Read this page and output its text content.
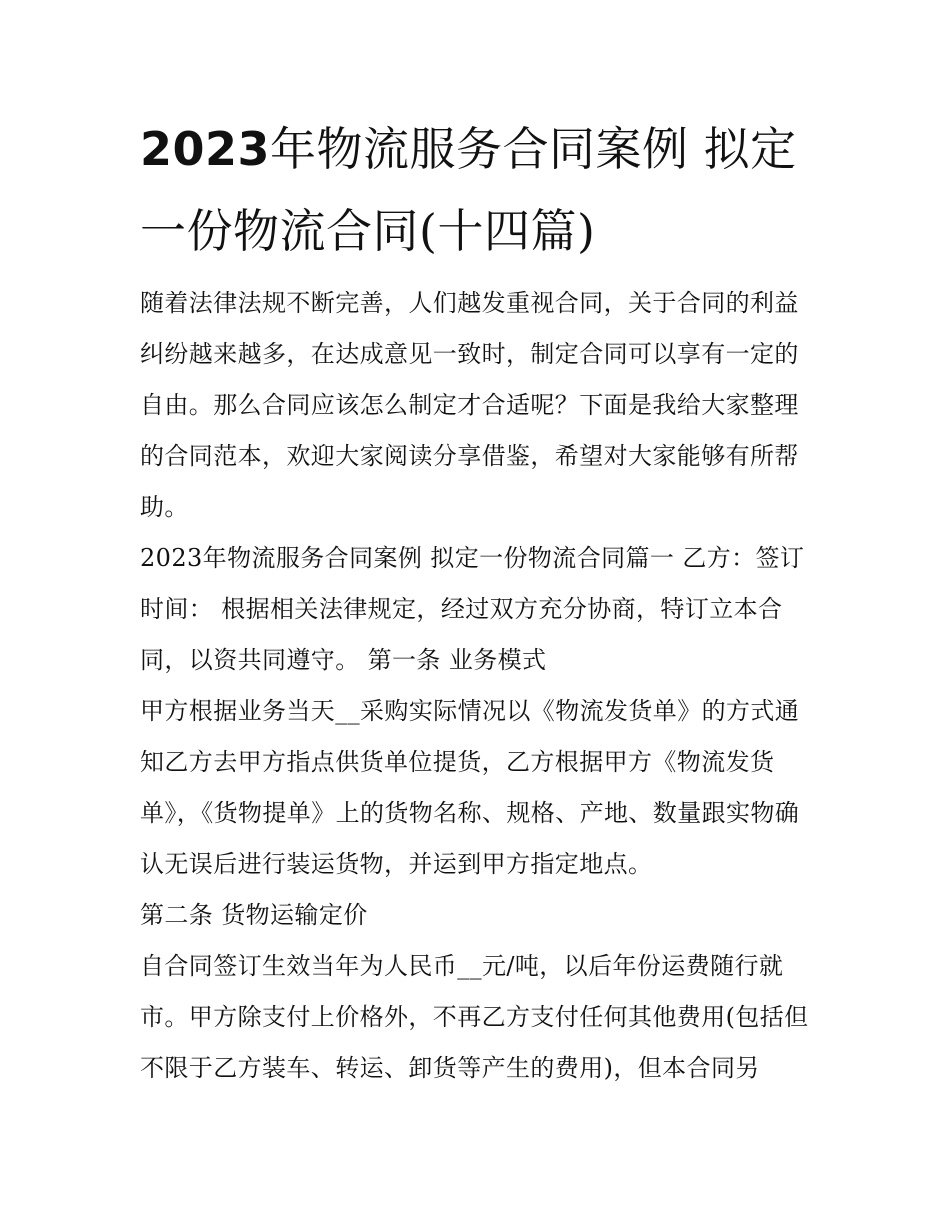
2023年物流服务合同案例 拟定一份物流合同(十四篇)

随着法律法规不断完善，人们越发重视合同，关于合同的利益纠纷越来越多，在达成意见一致时，制定合同可以享有一定的自由。那么合同应该怎么制定才合适呢？下面是我给大家整理的合同范本，欢迎大家阅读分享借鉴，希望对大家能够有所帮助。

2023年物流服务合同案例 拟定一份物流合同篇一 乙方：签订时间： 根据相关法律规定，经过双方充分协商，特订立本合同，以资共同遵守。 第一条 业务模式

甲方根据业务当天__采购实际情况以《物流发货单》的方式通知乙方去甲方指点供货单位提货，乙方根据甲方《物流发货单》，《货物提单》上的货物名称、规格、产地、数量跟实物确认无误后进行装运货物，并运到甲方指定地点。

第二条 货物运输定价

自合同签订生效当年为人民币__元/吨，以后年份运费随行就市。甲方除支付上价格外，不再乙方支付任何其他费用(包括但不限于乙方装车、转运、卸货等产生的费用)，但本合同另
